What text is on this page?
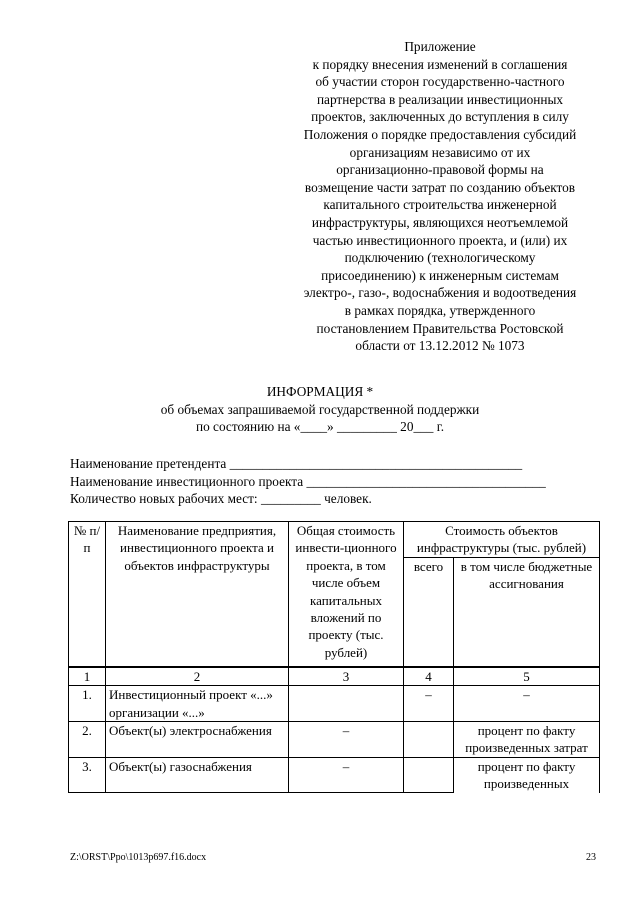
Приложение
к порядку внесения изменений в соглашения
об участии сторон государственно-частного
партнерства в реализации инвестиционных
проектов, заключенных до вступления в силу
Положения о порядке предоставления субсидий
организациям независимо от их
организационно-правовой формы на
возмещение части затрат по созданию объектов
капитального строительства инженерной
инфраструктуры, являющихся неотъемлемой
частью инвестиционного проекта, и (или) их
подключению (технологическому
присоединению) к инженерным системам
электро-, газо-, водоснабжения и водоотведения
в рамках порядка, утвержденного
постановлением Правительства Ростовской
области от 13.12.2012 № 1073
ИНФОРМАЦИЯ *
об объемах запрашиваемой государственной поддержки
по состоянию на «____» _________ 20___ г.
Наименование претендента ____________________________________________
Наименование инвестиционного проекта ____________________________________
Количество новых рабочих мест: _________ человек.
№ п/п	Наименование предприятия, инвестиционного проекта и объектов инфраструктуры	Общая стоимость инвести-ционного проекта, в том числе объем капитальных вложений по проекту (тыс. рублей)	Стоимость объектов инфраструктуры (тыс. рублей)	
			всего	в том числе бюджетные ассигнования
1	2	3	4	5
1.	Инвестиционный проект «...» организации «...»		–	–
2.	Объект(ы) электроснабжения	–		процент по факту произведенных затрат
3.	Объект(ы) газоснабжения	–		процент по факту произведенных
Z:\ORST\Ppo\1013p697.f16.docx	23
